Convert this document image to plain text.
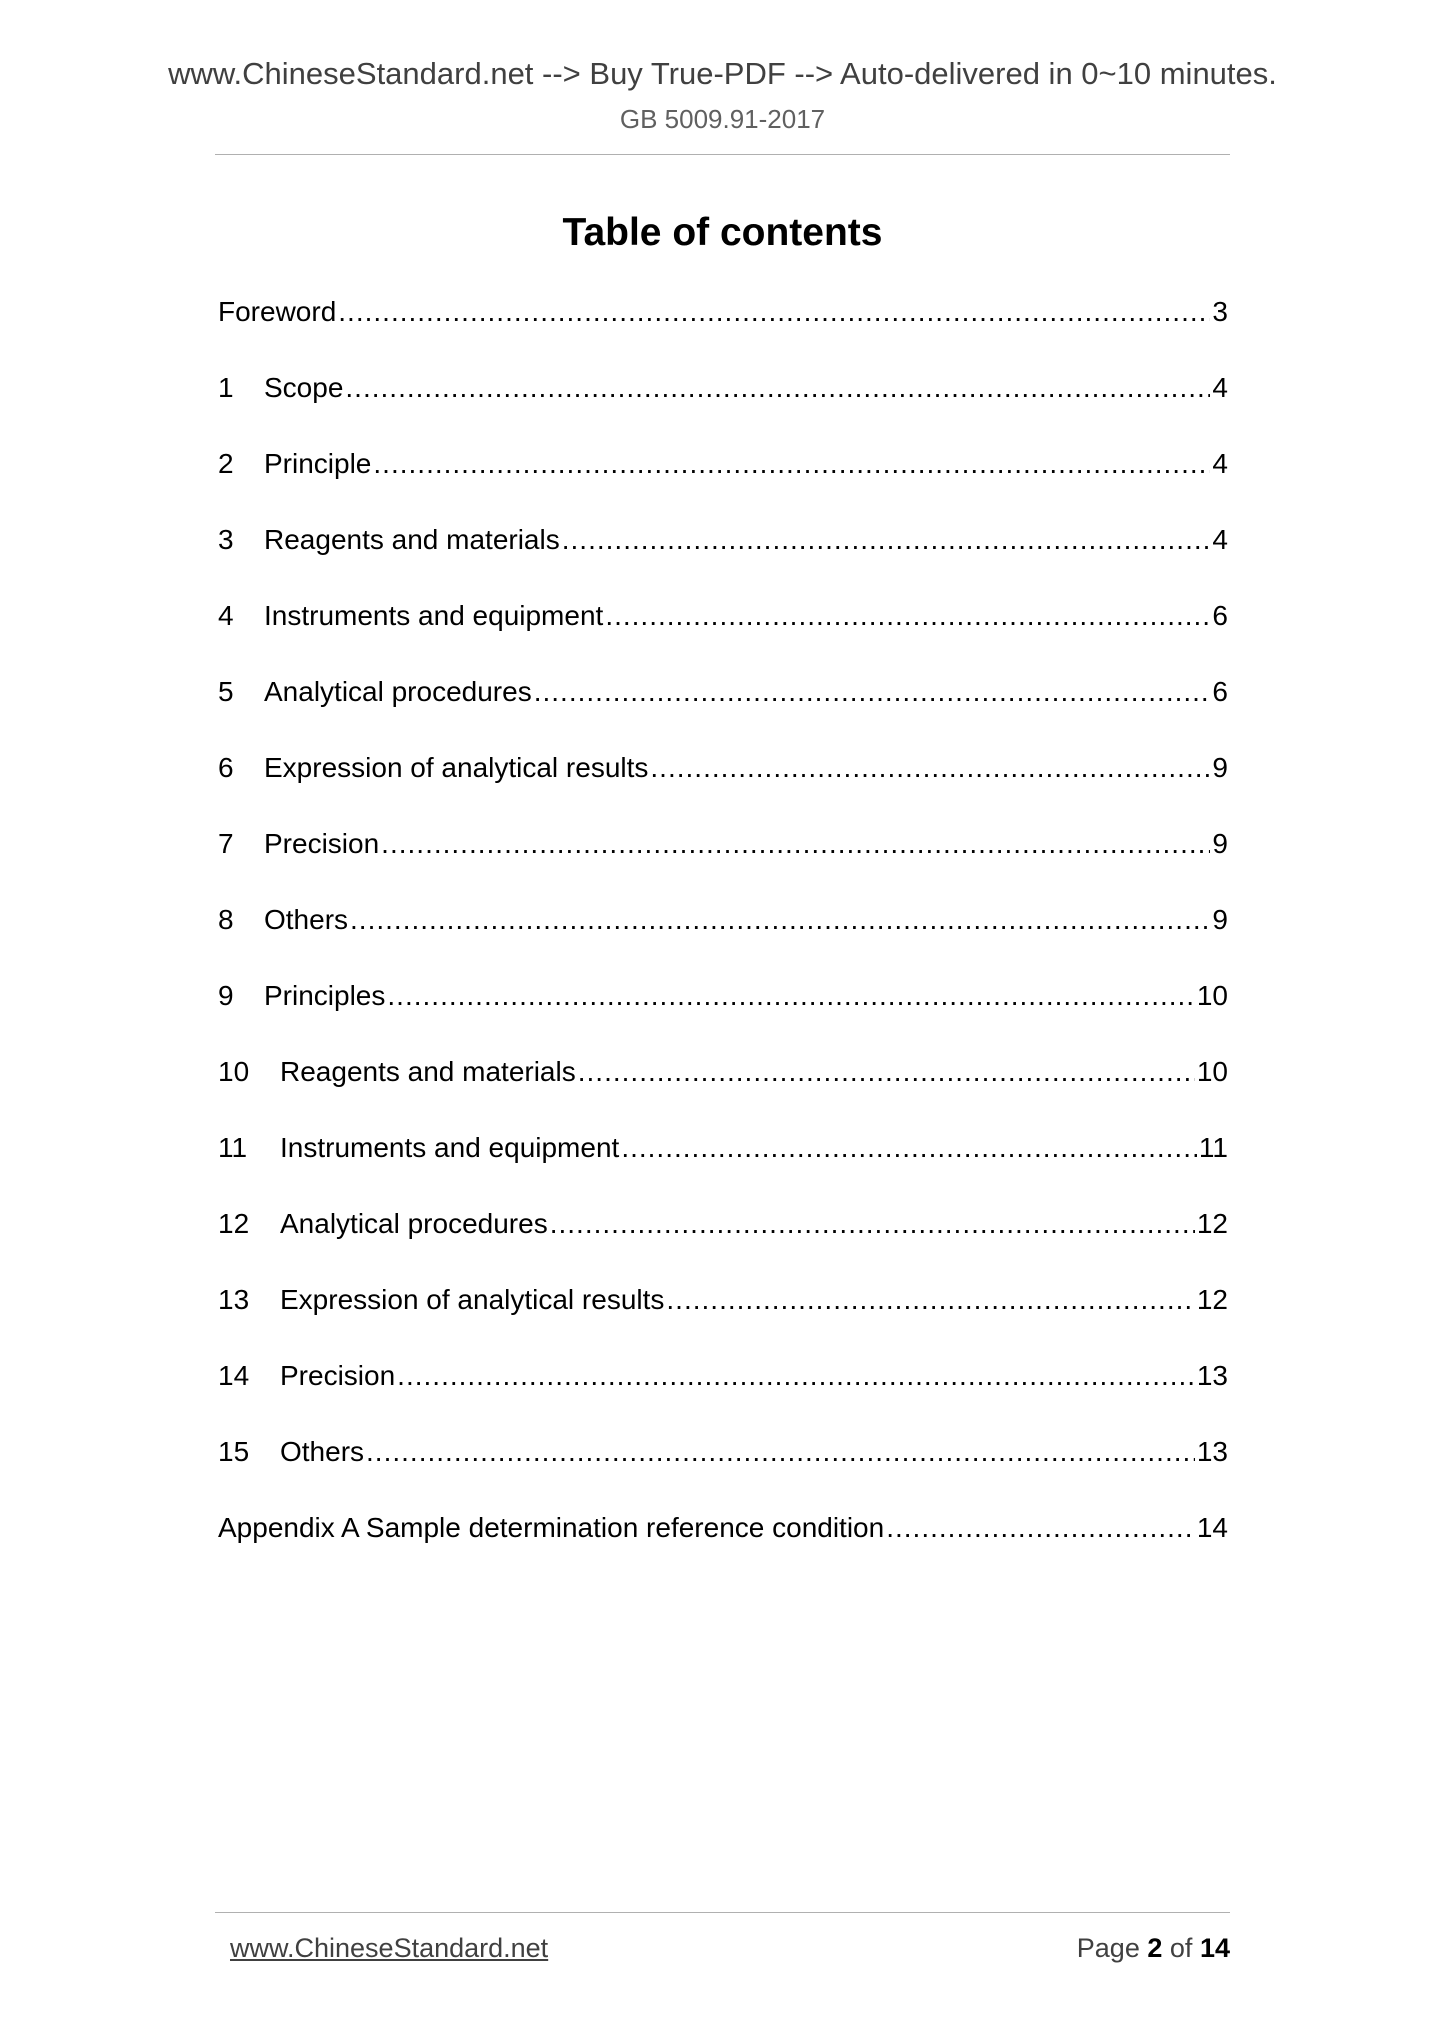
www.ChineseStandard.net --> Buy True-PDF --> Auto-delivered in 0~10 minutes.
GB 5009.91-2017
Table of contents
Foreword .....	3
1	Scope .....	4
2	Principle .....	4
3	Reagents and materials .....	4
4	Instruments and equipment .....	6
5	Analytical procedures .....	6
6	Expression of analytical results .....	9
7	Precision .....	9
8	Others .....	9
9	Principles .....	10
10	Reagents and materials .....	10
11	Instruments and equipment .....	11
12	Analytical procedures .....	12
13	Expression of analytical results .....	12
14	Precision .....	13
15	Others .....	13
Appendix A Sample determination reference condition .....	14
www.ChineseStandard.net	Page 2 of 14
